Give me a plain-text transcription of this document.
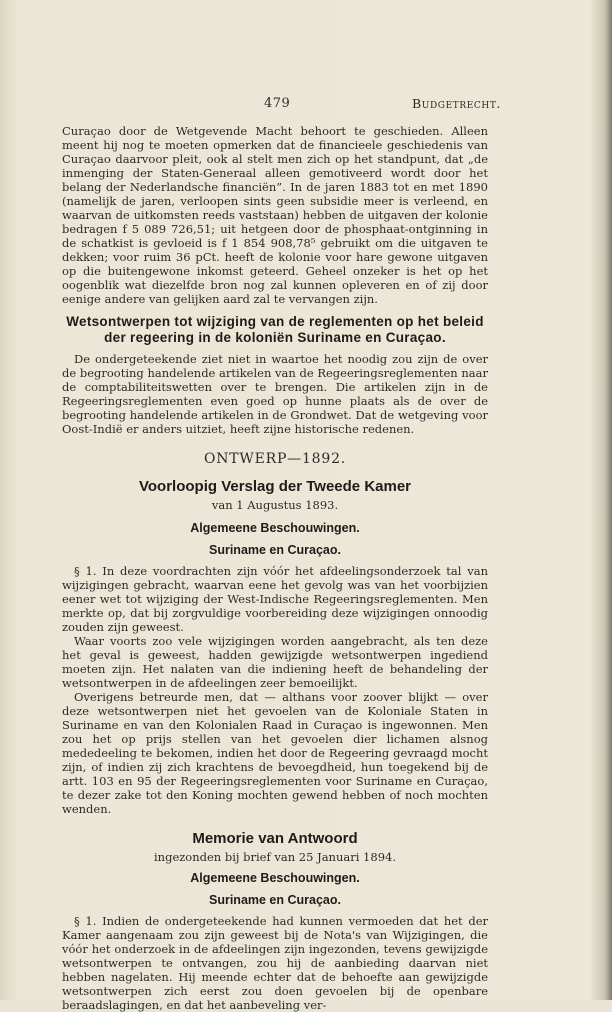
479	Budgetrecht.

Curaçao door de Wetgevende Macht behoort te geschieden. Alleen meent hij nog te moeten opmerken dat de financieele geschiedenis van Curaçao daarvoor pleit, ook al stelt men zich op het standpunt, dat „de inmenging der Staten-Generaal alleen gemotiveerd wordt door het belang der Nederlandsche financiën”. In de jaren 1883 tot en met 1890 (namelijk de jaren, verloopen sints geen subsidie meer is verleend, en waarvan de uitkomsten reeds vaststaan) hebben de uitgaven der kolonie bedragen f 5 089 726,51; uit hetgeen door de phosphaat-ontginning in de schatkist is gevloeid is f 1 854 908,78⁵ gebruikt om die uitgaven te dekken; voor ruim 36 pCt. heeft de kolonie voor hare gewone uitgaven op die buitengewone inkomst geteerd. Geheel onzeker is het op het oogenblik wat diezelfde bron nog zal kunnen opleveren en of zij door eenige andere van gelijken aard zal te vervangen zijn.

Wetsontwerpen tot wijziging van de reglementen op het beleid der regeering in de koloniën Suriname en Curaçao.

De ondergeteekende ziet niet in waartoe het noodig zou zijn de over de begrooting handelende artikelen van de Regeeringsreglementen naar de comptabiliteitswetten over te brengen. Die artikelen zijn in de Regeeringsreglementen even goed op hunne plaats als de over de begrooting handelende artikelen in de Grondwet. Dat de wetgeving voor Oost-Indië er anders uitziet, heeft zijne historische redenen.

ONTWERP—1892.
Voorloopig Verslag der Tweede Kamer
van 1 Augustus 1893.
Algemeene Beschouwingen.
Suriname en Curaçao.

§ 1. In deze voordrachten zijn vóór het afdeelingsonderzoek tal van wijzigingen gebracht, waarvan eene het gevolg was van het voorbijzien eener wet tot wijziging der West-Indische Regeeringsreglementen. Men merkte op, dat bij zorgvuldige voorbereiding deze wijzigingen onnoodig zouden zijn geweest.

Waar voorts zoo vele wijzigingen worden aangebracht, als ten deze het geval is geweest, hadden gewijzigde wetsontwerpen ingediend moeten zijn. Het nalaten van die indiening heeft de behandeling der wetsontwerpen in de afdeelingen zeer bemoeilijkt.

Overigens betreurde men, dat — althans voor zoover blijkt — over deze wetsontwerpen niet het gevoelen van de Koloniale Staten in Suriname en van den Kolonialen Raad in Curaçao is ingewonnen. Men zou het op prijs stellen van het gevoelen dier lichamen alsnog mededeeling te bekomen, indien het door de Regeering gevraagd mocht zijn, of indien zij zich krachtens de bevoegdheid, hun toegekend bij de artt. 103 en 95 der Regeeringsreglementen voor Suriname en Curaçao, te dezer zake tot den Koning mochten gewend hebben of noch mochten wenden.

Memorie van Antwoord
ingezonden bij brief van 25 Januari 1894.
Algemeene Beschouwingen.
Suriname en Curaçao.

§ 1. Indien de ondergeteekende had kunnen vermoeden dat het der Kamer aangenaam zou zijn geweest bij de Nota's van Wijzigingen, die vóór het onderzoek in de afdeelingen zijn ingezonden, tevens gewijzigde wetsontwerpen te ontvangen, zou hij de aanbieding daarvan niet hebben nagelaten. Hij meende echter dat de behoefte aan gewijzigde wetsontwerpen zich eerst zou doen gevoelen bij de openbare beraadslagingen, en dat het aanbeveling ver-
